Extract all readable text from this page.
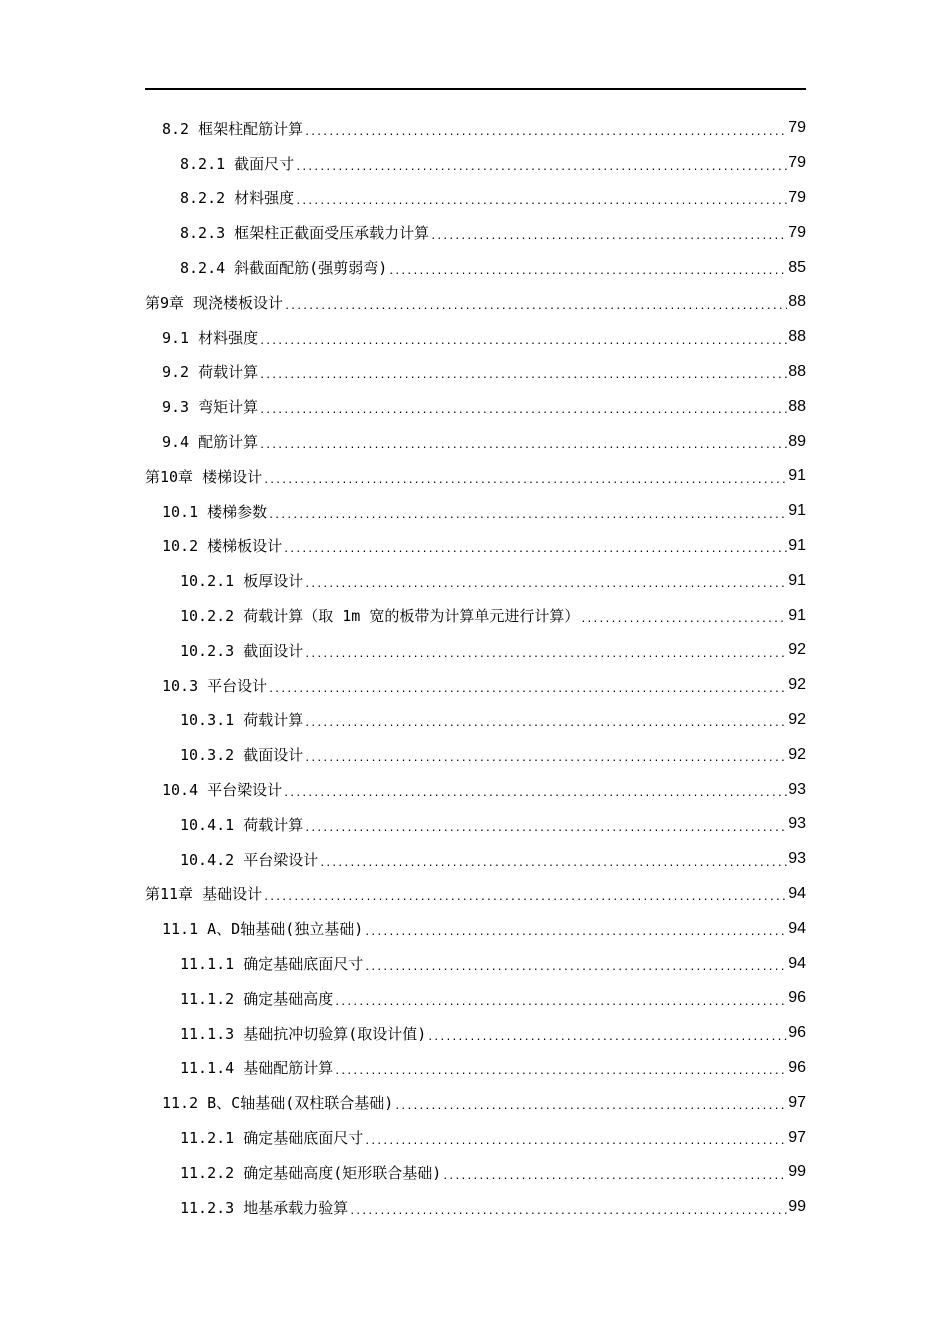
8.2 框架柱配筋计算 .....	79
8.2.1 截面尺寸 .....	79
8.2.2 材料强度 .....	79
8.2.3 框架柱正截面受压承载力计算 .....	79
8.2.4 斜截面配筋(强剪弱弯) .....	85
第9章 现浇楼板设计 .....	88
9.1 材料强度 .....	88
9.2 荷载计算 .....	88
9.3 弯矩计算 .....	88
9.4 配筋计算 .....	89
第10章 楼梯设计 .....	91
10.1 楼梯参数 .....	91
10.2 楼梯板设计 .....	91
10.2.1 板厚设计 .....	91
10.2.2 荷载计算（取 1m 宽的板带为计算单元进行计算） .....	91
10.2.3 截面设计 .....	92
10.3 平台设计 .....	92
10.3.1 荷载计算 .....	92
10.3.2 截面设计 .....	92
10.4 平台梁设计 .....	93
10.4.1 荷载计算 .....	93
10.4.2 平台梁设计 .....	93
第11章 基础设计 .....	94
11.1 A、D轴基础(独立基础) .....	94
11.1.1 确定基础底面尺寸 .....	94
11.1.2 确定基础高度 .....	96
11.1.3 基础抗冲切验算(取设计值) .....	96
11.1.4 基础配筋计算 .....	96
11.2 B、C轴基础(双柱联合基础) .....	97
11.2.1 确定基础底面尺寸 .....	97
11.2.2 确定基础高度(矩形联合基础) .....	99
11.2.3 地基承载力验算 .....	99
